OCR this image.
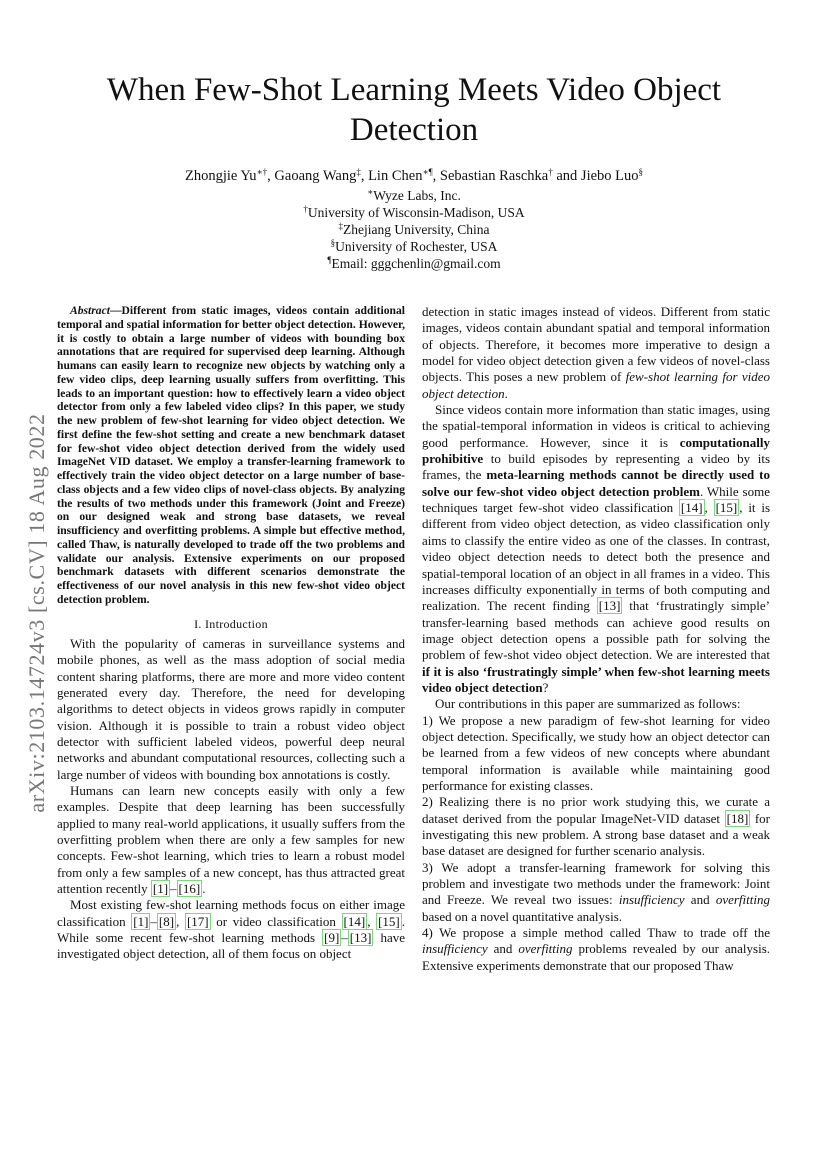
arXiv:2103.14724v3 [cs.CV] 18 Aug 2022
When Few-Shot Learning Meets Video Object Detection
Zhongjie Yu∗†, Gaoang Wang‡, Lin Chen∗¶, Sebastian Raschka† and Jiebo Luo§
∗Wyze Labs, Inc.
†University of Wisconsin-Madison, USA
‡Zhejiang University, China
§University of Rochester, USA
¶Email: gggchenlin@gmail.com

Abstract—Different from static images, videos contain additional temporal and spatial information for better object detection. However, it is costly to obtain a large number of videos with bounding box annotations that are required for supervised deep learning. Although humans can easily learn to recognize new objects by watching only a few video clips, deep learning usually suffers from overfitting. This leads to an important question: how to effectively learn a video object detector from only a few labeled video clips? In this paper, we study the new problem of few-shot learning for video object detection. We first define the few-shot setting and create a new benchmark dataset for few-shot video object detection derived from the widely used ImageNet VID dataset. We employ a transfer-learning framework to effectively train the video object detector on a large number of base-class objects and a few video clips of novel-class objects. By analyzing the results of two methods under this framework (Joint and Freeze) on our designed weak and strong base datasets, we reveal insufficiency and overfitting problems. A simple but effective method, called Thaw, is naturally developed to trade off the two problems and validate our analysis. Extensive experiments on our proposed benchmark datasets with different scenarios demonstrate the effectiveness of our novel analysis in this new few-shot video object detection problem.

I. Introduction

With the popularity of cameras in surveillance systems and mobile phones, as well as the mass adoption of social media content sharing platforms, there are more and more video content generated every day. Therefore, the need for developing algorithms to detect objects in videos grows rapidly in computer vision. Although it is possible to train a robust video object detector with sufficient labeled videos, powerful deep neural networks and abundant computational resources, collecting such a large number of videos with bounding box annotations is costly.

Humans can learn new concepts easily with only a few examples. Despite that deep learning has been successfully applied to many real-world applications, it usually suffers from the overfitting problem when there are only a few samples for new concepts. Few-shot learning, which tries to learn a robust model from only a few samples of a new concept, has thus attracted great attention recently [1] – [16] .

Most existing few-shot learning methods focus on either image classification [1] – [8] , [17] or video classification [14] , [15] . While some recent few-shot learning methods [9] – [13] have investigated object detection, all of them focus on object

detection in static images instead of videos. Different from static images, videos contain abundant spatial and temporal information of objects. Therefore, it becomes more imperative to design a model for video object detection given a few videos of novel-class objects. This poses a new problem of few-shot learning for video object detection.

Since videos contain more information than static images, using the spatial-temporal information in videos is critical to achieving good performance. However, since it is computationally prohibitive to build episodes by representing a video by its frames, the meta-learning methods cannot be directly used to solve our few-shot video object detection problem. While some techniques target few-shot video classification [14] , [15] , it is different from video object detection, as video classification only aims to classify the entire video as one of the classes. In contrast, video object detection needs to detect both the presence and spatial-temporal location of an object in all frames in a video. This increases difficulty exponentially in terms of both computing and realization. The recent finding [13] that ‘frustratingly simple’ transfer-learning based methods can achieve good results on image object detection opens a possible path for solving the problem of few-shot video object detection. We are interested that if it is also ‘frustratingly simple’ when few-shot learning meets video object detection?

Our contributions in this paper are summarized as follows:

1) We propose a new paradigm of few-shot learning for video object detection. Specifically, we study how an object detector can be learned from a few videos of new concepts where abundant temporal information is available while maintaining good performance for existing classes.

2) Realizing there is no prior work studying this, we curate a dataset derived from the popular ImageNet-VID dataset [18] for investigating this new problem. A strong base dataset and a weak base dataset are designed for further scenario analysis.

3) We adopt a transfer-learning framework for solving this problem and investigate two methods under the framework: Joint and Freeze. We reveal two issues: insufficiency and overfitting based on a novel quantitative analysis.

4) We propose a simple method called Thaw to trade off the insufficiency and overfitting problems revealed by our analysis. Extensive experiments demonstrate that our proposed Thaw
